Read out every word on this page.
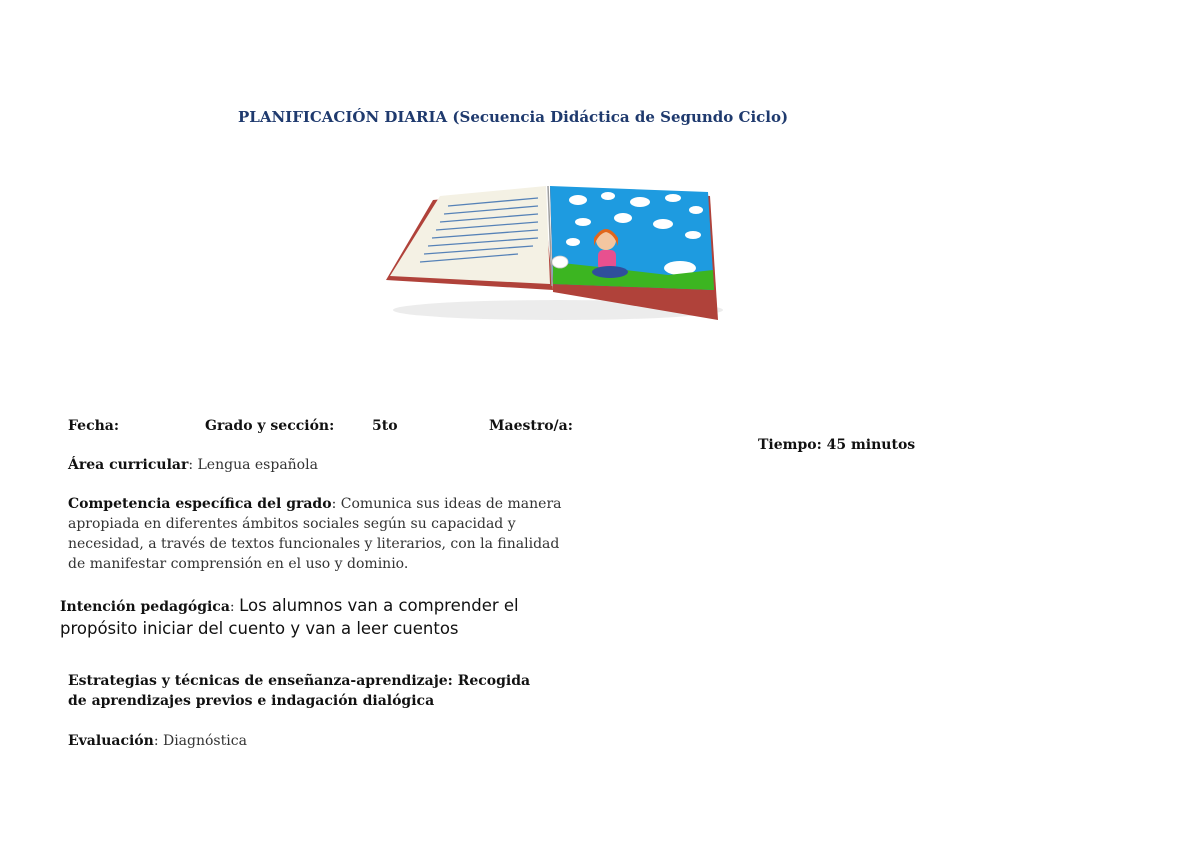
PLANIFICACIÓN DIARIA (Secuencia Didáctica de Segundo Ciclo)
Fecha:	Grado y sección:	5to	Maestro/a:
Tiempo: 45 minutos
Área curricular: Lengua española
Competencia específica del grado: Comunica sus ideas de manera apropiada en diferentes ámbitos sociales según su capacidad y necesidad, a través de textos funcionales y literarios, con la finalidad de manifestar comprensión en el uso y dominio.
Intención pedagógica: Los alumnos van a comprender el propósito iniciar del cuento y van a leer cuentos
Estrategias y técnicas de enseñanza-aprendizaje: Recogida de aprendizajes previos e indagación dialógica
Evaluación: Diagnóstica
